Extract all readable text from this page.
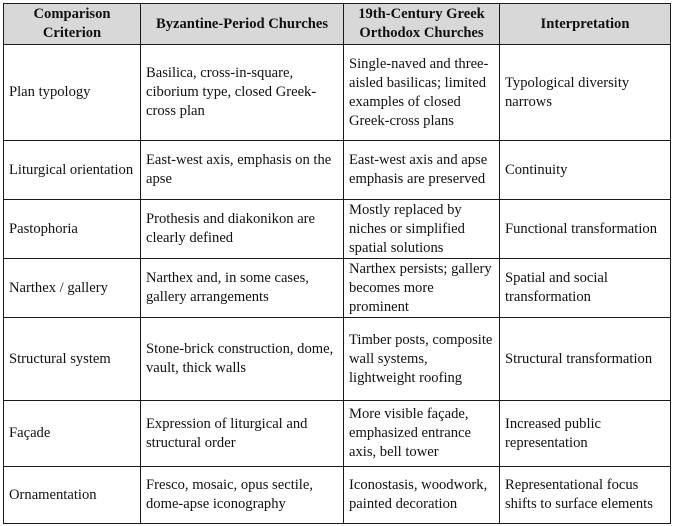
Comparison Criterion	Byzantine-Period Churches	19th-Century Greek Orthodox Churches	Interpretation
Plan typology	Basilica, cross-in-square, ciborium type, closed Greek-cross plan	Single-naved and three-aisled basilicas; limited examples of closed Greek-cross plans	Typological diversity narrows
Liturgical orientation	East-west axis, emphasis on the apse	East-west axis and apse emphasis are preserved	Continuity
Pastophoria	Prothesis and diakonikon are clearly defined	Mostly replaced by niches or simplified spatial solutions	Functional transformation
Narthex / gallery	Narthex and, in some cases, gallery arrangements	Narthex persists; gallery becomes more prominent	Spatial and social transformation
Structural system	Stone-brick construction, dome, vault, thick walls	Timber posts, composite wall systems, lightweight roofing	Structural transformation
Façade	Expression of liturgical and structural order	More visible façade, emphasized entrance axis, bell tower	Increased public representation
Ornamentation	Fresco, mosaic, opus sectile, dome-apse iconography	Iconostasis, woodwork, painted decoration	Representational focus shifts to surface elements
